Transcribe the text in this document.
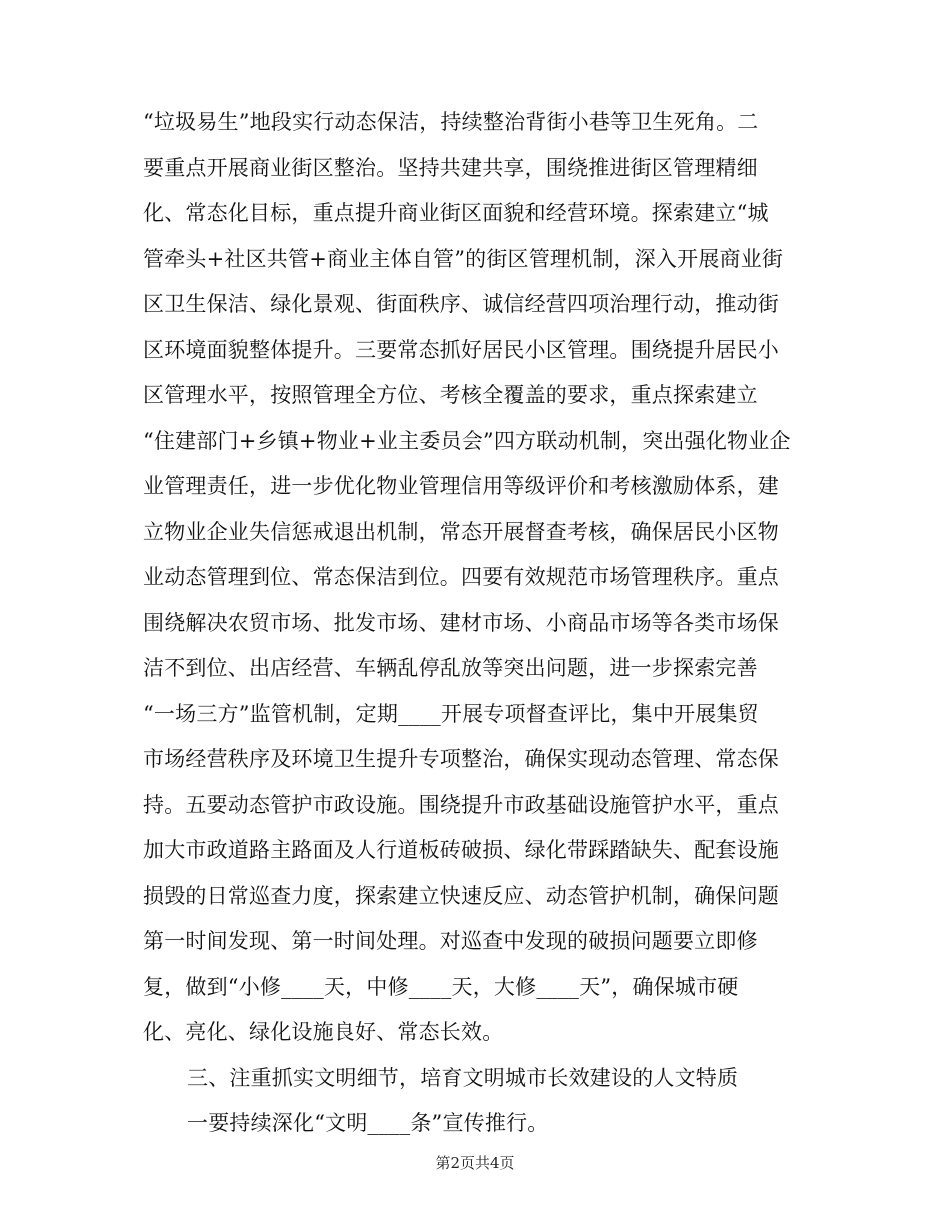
“垃圾易生”地段实行动态保洁，持续整治背街小巷等卫生死角。二
要重点开展商业街区整治。坚持共建共享，围绕推进街区管理精细
化、常态化目标，重点提升商业街区面貌和经营环境。探索建立“城
管牵头+社区共管+商业主体自管”的街区管理机制，深入开展商业街
区卫生保洁、绿化景观、街面秩序、诚信经营四项治理行动，推动街
区环境面貌整体提升。三要常态抓好居民小区管理。围绕提升居民小
区管理水平，按照管理全方位、考核全覆盖的要求，重点探索建立
“住建部门+乡镇+物业+业主委员会”四方联动机制，突出强化物业企
业管理责任，进一步优化物业管理信用等级评价和考核激励体系，建
立物业企业失信惩戒退出机制，常态开展督查考核，确保居民小区物
业动态管理到位、常态保洁到位。四要有效规范市场管理秩序。重点
围绕解决农贸市场、批发市场、建材市场、小商品市场等各类市场保
洁不到位、出店经营、车辆乱停乱放等突出问题，进一步探索完善
“一场三方”监管机制，定期____开展专项督查评比，集中开展集贸
市场经营秩序及环境卫生提升专项整治，确保实现动态管理、常态保
持。五要动态管护市政设施。围绕提升市政基础设施管护水平，重点
加大市政道路主路面及人行道板砖破损、绿化带踩踏缺失、配套设施
损毁的日常巡查力度，探索建立快速反应、动态管护机制，确保问题
第一时间发现、第一时间处理。对巡查中发现的破损问题要立即修
复，做到“小修____天，中修____天，大修____天”，确保城市硬
化、亮化、绿化设施良好、常态长效。
三、注重抓实文明细节，培育文明城市长效建设的人文特质
一要持续深化“文明____条”宣传推行。
第2页共4页
